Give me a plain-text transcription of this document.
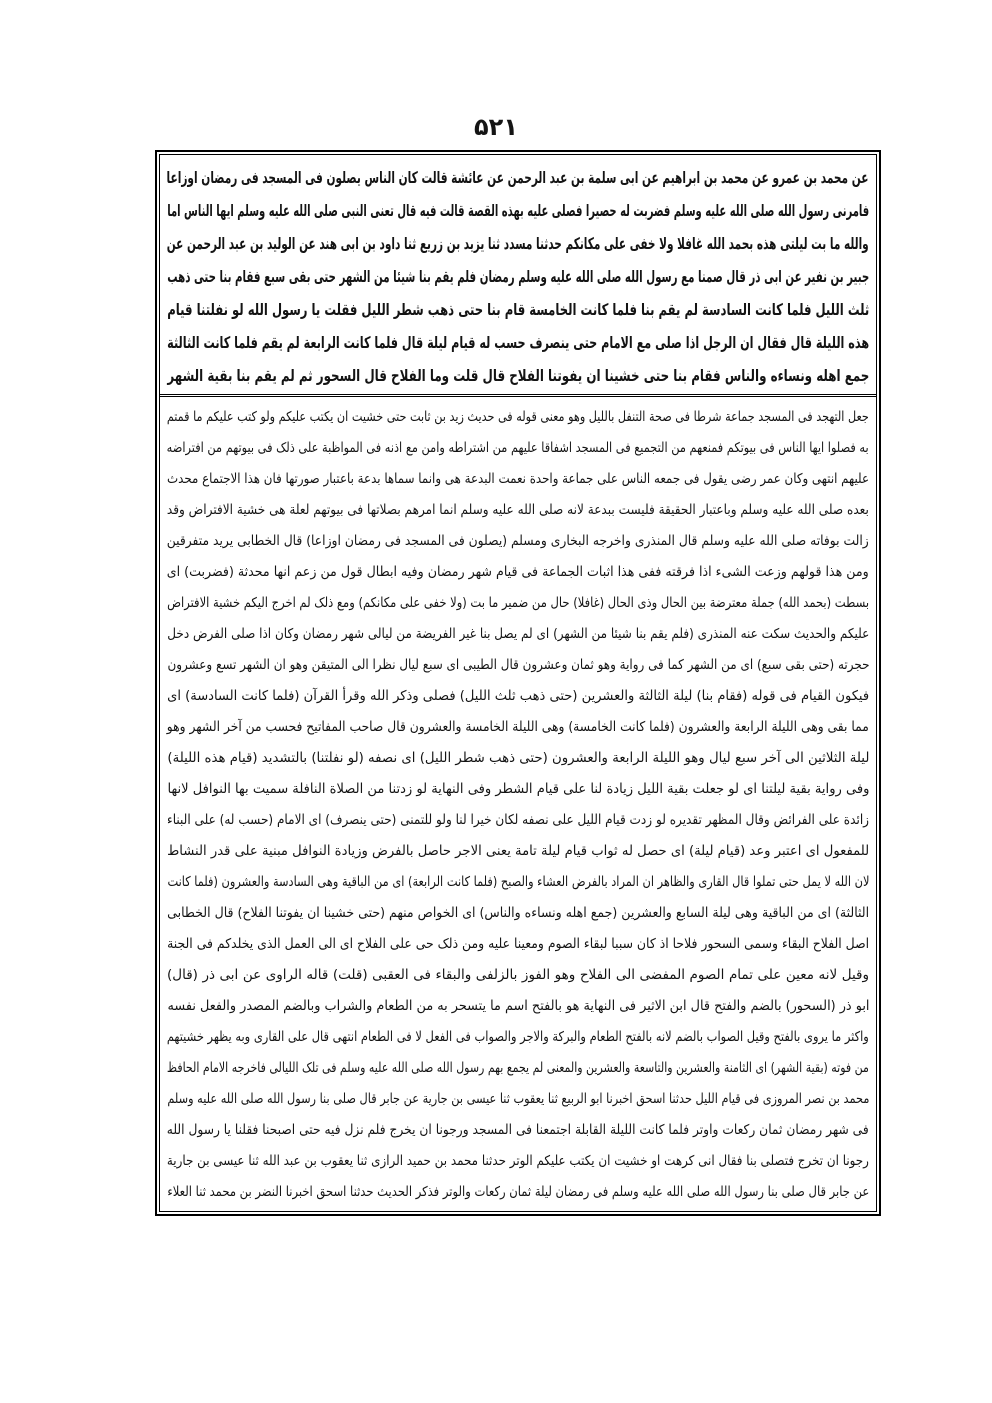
۵۲۱
عن محمد بن عمرو عن محمد بن ابراهیم عن ابی سلمة بن عبد الرحمن عن عائشة قالت کان الناس یصلون فی المسجد فی رمضان اوزاعا
فامرنی رسول الله صلی الله علیه وسلم فضربت له حصیرا فصلی علیه بهذه القصة قالت فیه قال تعنی النبی صلی الله علیه وسلم ایها الناس اما
والله ما بت لیلتی هذه بحمد الله غافلا ولا خفی علی مکانکم حدثنا مسدد ثنا یزید بن زریع ثنا داود بن ابی هند عن الولید بن عبد الرحمن عن
جبیر بن نفیر عن ابی ذر قال صمنا مع رسول الله صلی الله علیه وسلم رمضان فلم یقم بنا شیئا من الشهر حتی بقی سبع فقام بنا حتی ذهب
ثلث اللیل فلما کانت السادسة لم یقم بنا فلما کانت الخامسة قام بنا حتی ذهب شطر اللیل فقلت یا رسول الله لو نفلتنا قیام
هذه اللیلة قال فقال ان الرجل اذا صلی مع الامام حتی ینصرف حسب له قیام لیلة قال فلما کانت الرابعة لم یقم فلما کانت الثالثة
جمع اهله ونساءه والناس فقام بنا حتی خشینا ان یفوتنا الفلاح قال قلت وما الفلاح قال السحور ثم لم یقم بنا بقیة الشهر
جعل التهجد فی المسجد جماعة شرطا فی صحة التنفل باللیل وهو معنی قوله فی حدیث زید بن ثابت حتی خشیت ان یکتب علیکم ولو کتب علیکم ما قمتم
به فصلوا ایها الناس فی بیوتکم فمنعهم من التجمیع فی المسجد اشفاقا علیهم من اشتراطه وامن مع اذنه فی المواظبة علی ذلک فی بیوتهم من افتراضه
علیهم انتهی وکان عمر رضی یقول فی جمعه الناس علی جماعة واحدة نعمت البدعة هی وانما سماها بدعة باعتبار صورتها فان هذا الاجتماع محدث
بعده صلی الله علیه وسلم وباعتبار الحقیقة فلیست ببدعة لانه صلی الله علیه وسلم انما امرهم بصلاتها فی بیوتهم لعلة هی خشیة الافتراض وقد
زالت بوفاته صلی الله علیه وسلم قال المنذری واخرجه البخاری ومسلم (یصلون فی المسجد فی رمضان اوزاعا) قال الخطابی یرید متفرقین
ومن هذا قولهم وزعت الشیء اذا فرقته ففی هذا اثبات الجماعة فی قیام شهر رمضان وفیه ابطال قول من زعم انها محدثة (فضربت) ای
بسطت (بحمد الله) جملة معترضة بین الحال وذی الحال (غافلا) حال من ضمیر ما بت (ولا خفی علی مکانکم) ومع ذلک لم اخرج الیکم خشیة الافتراض
علیکم والحدیث سکت عنه المنذری (فلم یقم بنا شیئا من الشهر) ای لم یصل بنا غیر الفریضة من لیالی شهر رمضان وکان اذا صلی الفرض دخل
حجرته (حتی بقی سبع) ای من الشهر کما فی روایة وهو ثمان وعشرون قال الطیبی ای سبع لیال نظرا الی المتیقن وهو ان الشهر تسع وعشرون
فیکون القیام فی قوله (فقام بنا) لیلة الثالثة والعشرین (حتی ذهب ثلث اللیل) فصلی وذکر الله وقرأ القرآن (فلما کانت السادسة) ای
مما بقی وهی اللیلة الرابعة والعشرون (فلما کانت الخامسة) وهی اللیلة الخامسة والعشرون قال صاحب المفاتیح فحسب من آخر الشهر وهو
لیلة الثلاثین الی آخر سبع لیال وهو اللیلة الرابعة والعشرون (حتی ذهب شطر اللیل) ای نصفه (لو نفلتنا) بالتشدید (قیام هذه اللیلة)
وفی روایة بقیة لیلتنا ای لو جعلت بقیة اللیل زیادة لنا علی قیام الشطر وفی النهایة لو زدتنا من الصلاة النافلة سمیت بها النوافل لانها
زائدة علی الفرائض وقال المظهر تقدیره لو زدت قیام اللیل علی نصفه لکان خیرا لنا ولو للتمنی (حتی ینصرف) ای الامام (حسب له) علی البناء
للمفعول ای اعتبر وعد (قیام لیلة) ای حصل له ثواب قیام لیلة تامة یعنی الاجر حاصل بالفرض وزیادة النوافل مبنیة علی قدر النشاط
لان الله لا یمل حتی تملوا قال القاری والظاهر ان المراد بالفرض العشاء والصبح (فلما کانت الرابعة) ای من الباقیة وهی السادسة والعشرون (فلما کانت
الثالثة) ای من الباقیة وهی لیلة السابع والعشرین (جمع اهله ونساءه والناس) ای الخواص منهم (حتی خشینا ان یفوتنا الفلاح) قال الخطابی
اصل الفلاح البقاء وسمی السحور فلاحا اذ کان سببا لبقاء الصوم ومعینا علیه ومن ذلک حی علی الفلاح ای الی العمل الذی یخلدکم فی الجنة
وقیل لانه معین علی تمام الصوم المفضی الی الفلاح وهو الفوز بالزلفی والبقاء فی العقبی (قلت) قاله الراوی عن ابی ذر (قال)
ابو ذر (السحور) بالضم والفتح قال ابن الاثیر فی النهایة هو بالفتح اسم ما یتسحر به من الطعام والشراب وبالضم المصدر والفعل نفسه
واکثر ما یروی بالفتح وقیل الصواب بالضم لانه بالفتح الطعام والبرکة والاجر والصواب فی الفعل لا فی الطعام انتهی قال علی القاری وبه یظهر خشیتهم
من فوته (بقیة الشهر) ای الثامنة والعشرین والتاسعة والعشرین والمعنی لم یجمع بهم رسول الله صلی الله علیه وسلم فی تلک اللیالی فاخرجه الامام الحافظ
محمد بن نصر المروزی فی قیام اللیل حدثنا اسحق اخبرنا ابو الربیع ثنا یعقوب ثنا عیسی بن جاریة عن جابر قال صلی بنا رسول الله صلی الله علیه وسلم
فی شهر رمضان ثمان رکعات واوتر فلما کانت اللیلة القابلة اجتمعنا فی المسجد ورجونا ان یخرج فلم نزل فیه حتی اصبحنا فقلنا یا رسول الله
رجونا ان تخرج فتصلی بنا فقال انی کرهت او خشیت ان یکتب علیکم الوتر حدثنا محمد بن حمید الرازی ثنا یعقوب بن عبد الله ثنا عیسی بن جاریة
عن جابر قال صلی بنا رسول الله صلی الله علیه وسلم فی رمضان لیلة ثمان رکعات والوتر فذکر الحدیث حدثنا اسحق اخبرنا النضر بن محمد ثنا العلاء
